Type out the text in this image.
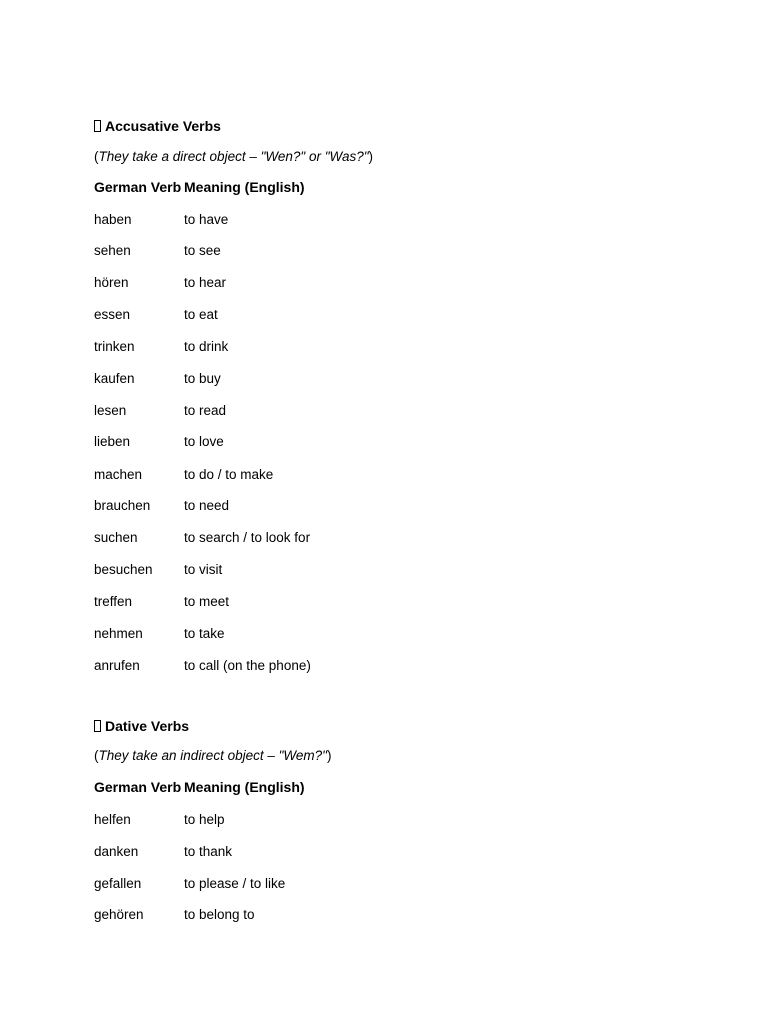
Accusative Verbs
(They take a direct object – "Wen?" or "Was?")
German Verb Meaning (English)
haben	to have
sehen	to see
hören	to hear
essen	to eat
trinken	to drink
kaufen	to buy
lesen	to read
lieben	to love
machen	to do / to make
brauchen to need
suchen	to search / to look for
besuchen to visit
treffen	to meet
nehmen	to take
anrufen	to call (on the phone)
Dative Verbs
(They take an indirect object – "Wem?")
German Verb Meaning (English)
helfen	to help
danken	to thank
gefallen	to please / to like
gehören	to belong to
